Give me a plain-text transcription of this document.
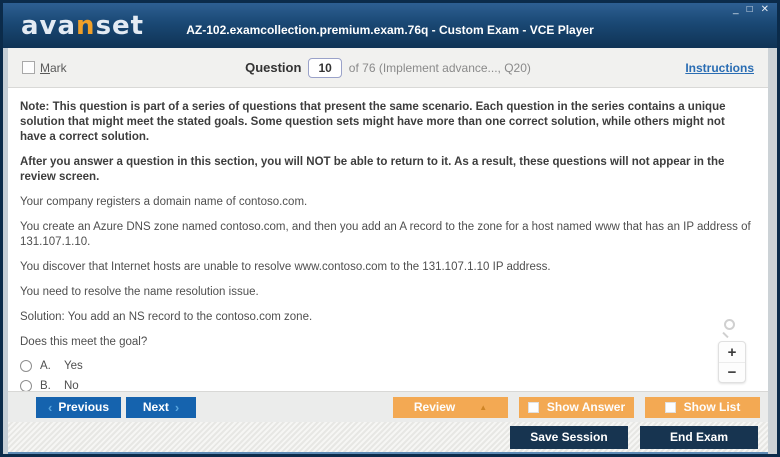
_ □ ✕
avanset	AZ-102.examcollection.premium.exam.76q - Custom Exam - VCE Player
Mark	Question	10	of 76 (Implement advance..., Q20)	Instructions
Note: This question is part of a series of questions that present the same scenario. Each question in the series contains a unique solution that might meet the stated goals. Some question sets might have more than one correct solution, while others might not have a correct solution.
After you answer a question in this section, you will NOT be able to return to it. As a result, these questions will not appear in the review screen.
Your company registers a domain name of contoso.com.
You create an Azure DNS zone named contoso.com, and then you add an A record to the zone for a host named www that has an IP address of 131.107.1.10.
You discover that Internet hosts are unable to resolve www.contoso.com to the 131.107.1.10 IP address.
You need to resolve the name resolution issue.
Solution: You add an NS record to the contoso.com zone.
Does this meet the goal?
A.	Yes
B.	No
+
−
‹ Previous	Next ›	Review	▲	Show Answer	Show List
Save Session	End Exam
